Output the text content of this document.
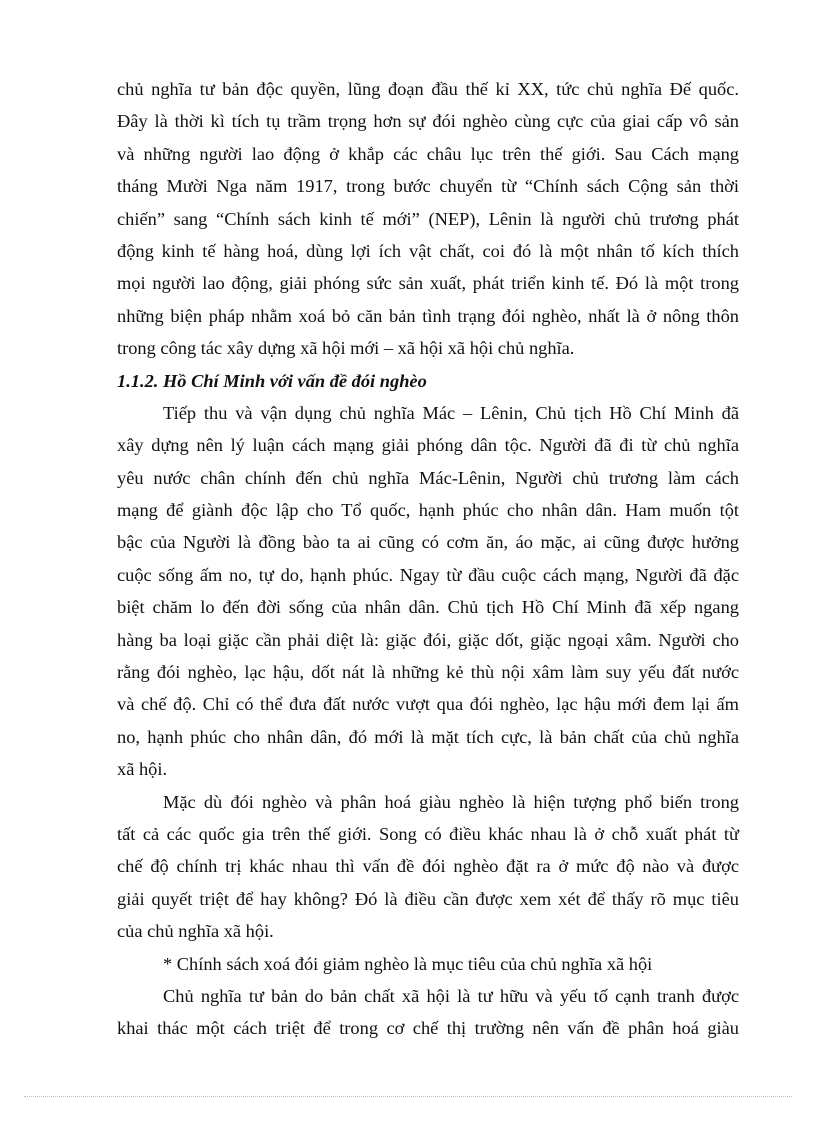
chủ nghĩa tư bản độc quyền, lũng đoạn đầu thế kỉ XX, tức chủ nghĩa Đế quốc.
Đây là thời kì tích tụ trầm trọng hơn sự đói nghèo cùng cực của giai cấp vô sản
và những người lao động ở khắp các châu lục trên thế giới. Sau Cách mạng
tháng Mười Nga năm 1917, trong bước chuyển từ “Chính sách Cộng sản thời
chiến” sang “Chính sách kinh tế mới” (NEP), Lênin là người chủ trương phát
động kinh tế hàng hoá, dùng lợi ích vật chất, coi đó là một nhân tố kích thích
mọi người lao động, giải phóng sức sản xuất, phát triển kinh tế. Đó là một trong
những biện pháp nhằm xoá bỏ căn bản tình trạng đói nghèo, nhất là ở nông thôn
trong công tác xây dựng xã hội mới – xã hội xã hội chủ nghĩa.
1.1.2. Hồ Chí Minh với vấn đề đói nghèo
Tiếp thu và vận dụng chủ nghĩa Mác – Lênin, Chủ tịch Hồ Chí Minh đã
xây dựng nên lý luận cách mạng giải phóng dân tộc. Người đã đi từ chủ nghĩa
yêu nước chân chính đến chủ nghĩa Mác-Lênin, Người chủ trương làm cách
mạng để giành độc lập cho Tổ quốc, hạnh phúc cho nhân dân. Ham muốn tột
bậc của Người là đồng bào ta ai cũng có cơm ăn, áo mặc, ai cũng được hưởng
cuộc sống ấm no, tự do, hạnh phúc. Ngay từ đầu cuộc cách mạng, Người đã đặc
biệt chăm lo đến đời sống của nhân dân. Chủ tịch Hồ Chí Minh đã xếp ngang
hàng ba loại giặc cần phải diệt là: giặc đói, giặc dốt, giặc ngoại xâm. Người cho
rằng đói nghèo, lạc hậu, dốt nát là những kẻ thù nội xâm làm suy yếu đất nước
và chế độ. Chỉ có thể đưa đất nước vượt qua đói nghèo, lạc hậu mới đem lại ấm
no, hạnh phúc cho nhân dân, đó mới là mặt tích cực, là bản chất của chủ nghĩa
xã hội.
Mặc dù đói nghèo và phân hoá giàu nghèo là hiện tượng phổ biến trong
tất cả các quốc gia trên thế giới. Song có điều khác nhau là ở chỗ xuất phát từ
chế độ chính trị khác nhau thì vấn đề đói nghèo đặt ra ở mức độ nào và được
giải quyết triệt để hay không? Đó là điều cần được xem xét để thấy rõ mục tiêu
của chủ nghĩa xã hội.
* Chính sách xoá đói giảm nghèo là mục tiêu của chủ nghĩa xã hội
Chủ nghĩa tư bản do bản chất xã hội là tư hữu và yếu tố cạnh tranh được
khai thác một cách triệt để trong cơ chế thị trường nên vấn đề phân hoá giàu
